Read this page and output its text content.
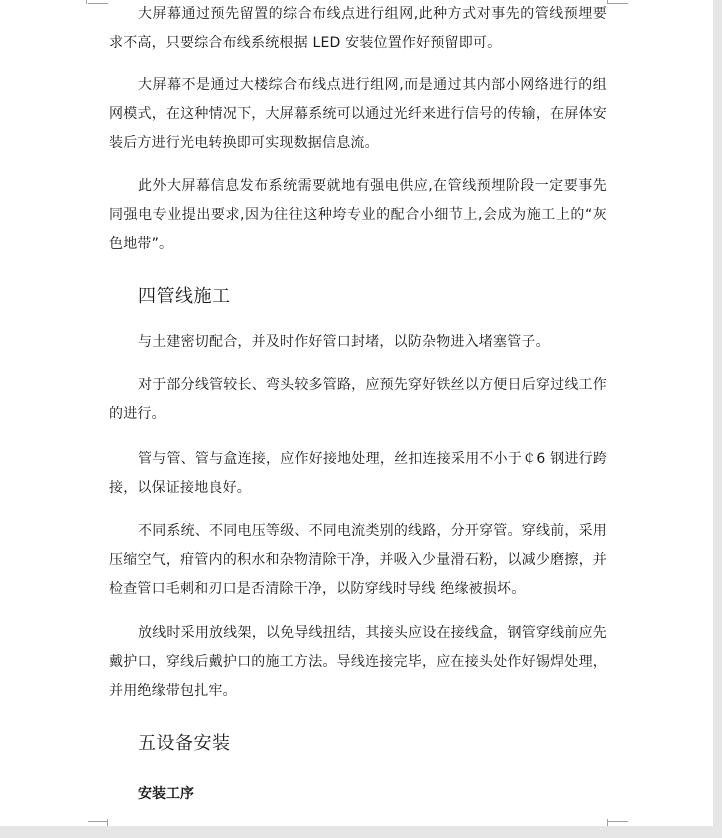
大屏幕通过预先留置的综合布线点进行组网,此种方式对事先的管线预埋要求不高，只要综合布线系统根据 LED 安装位置作好预留即可。

大屏幕不是通过大楼综合布线点进行组网,而是通过其内部小网络进行的组网模式，在这种情况下，大屏幕系统可以通过光纤来进行信号的传输，在屏体安装后方进行光电转换即可实现数据信息流。

此外大屏幕信息发布系统需要就地有强电供应,在管线预埋阶段一定要事先同强电专业提出要求,因为往往这种垮专业的配合小细节上,会成为施工上的“灰色地带”。

四管线施工

与土建密切配合，并及时作好管口封堵，以防杂物进入堵塞管子。

对于部分线管较长、弯头较多管路，应预先穿好铁丝以方便日后穿过线工作的进行。

管与管、管与盒连接，应作好接地处理，丝扣连接采用不小于￠6 钢进行跨接，以保证接地良好。

不同系统、不同电压等级、不同电流类别的线路，分开穿管。穿线前，采用压缩空气，疳管内的积水和杂物清除干净，并吸入少量滑石粉，以减少磨擦，并检查管口毛刺和刃口是否清除干净，以防穿线时导线 绝缘被损坏。

放线时采用放线架，以免导线扭结，其接头应设在接线盒，钢管穿线前应先戴护口，穿线后戴护口的施工方法。导线连接完毕，应在接头处作好锡焊处理，并用绝缘带包扎牢。

五设备安装
安装工序
